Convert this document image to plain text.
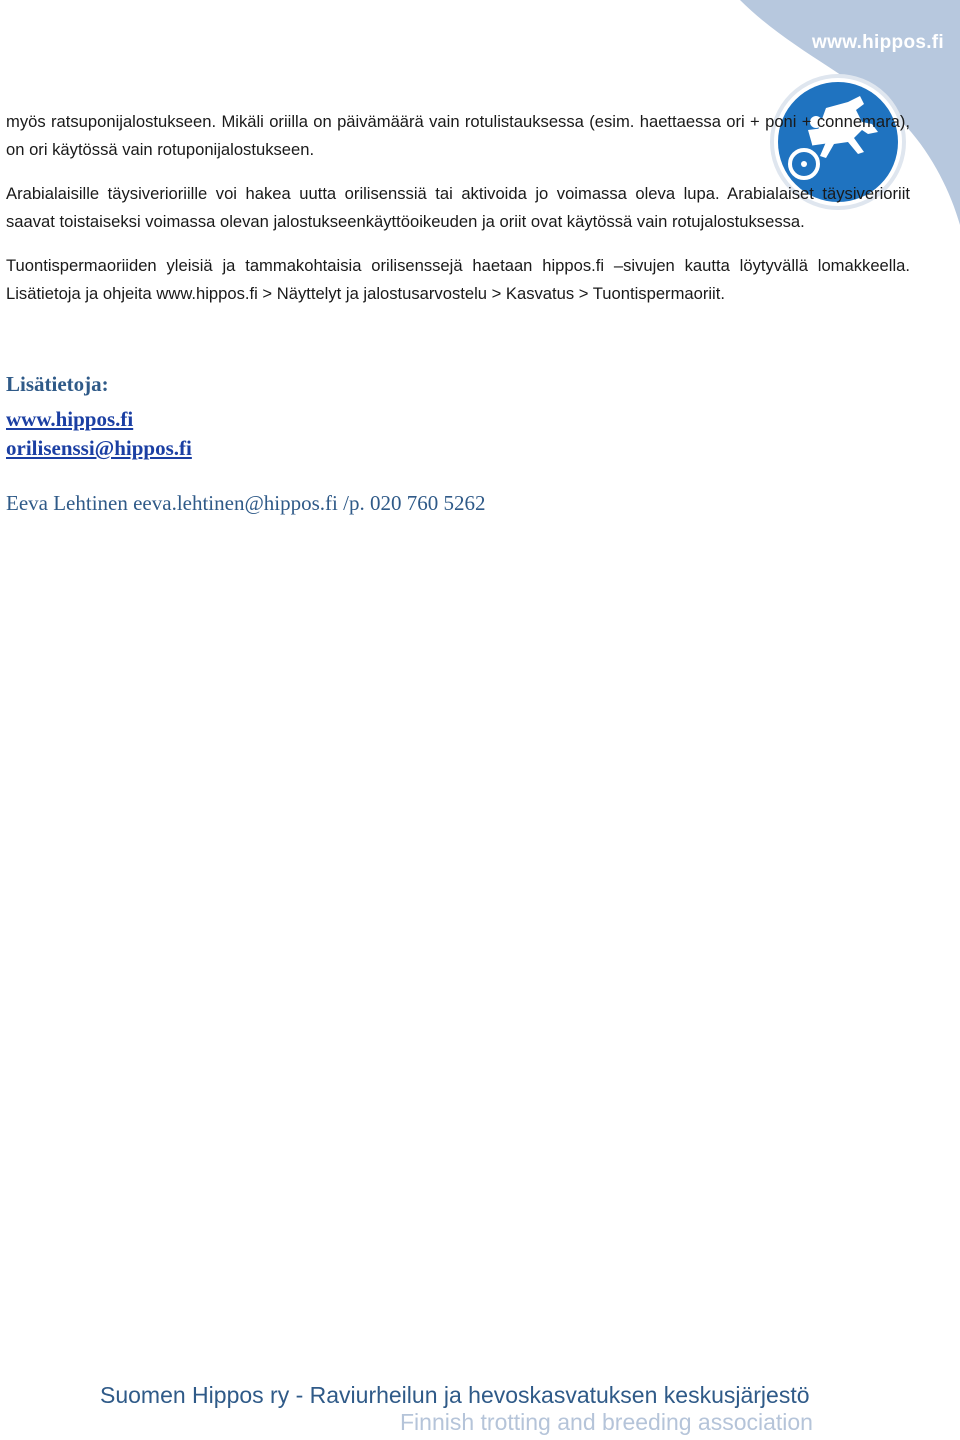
www.hippos.fi

myös ratsuponijalostukseen. Mikäli oriilla on päivämäärä vain rotulistauksessa (esim. haettaessa ori + poni + connemara), on ori käytössä vain rotuponijalostukseen.

Arabialaisille täysiverioriille voi hakea uutta orilisenssiä tai aktivoida jo voimassa oleva lupa. Arabialaiset täysiverioriit saavat toistaiseksi voimassa olevan jalostukseenkäyttöoikeuden ja oriit ovat käytössä vain rotujalostuksessa.

Tuontispermaoriiden yleisiä ja tammakohtaisia orilisenssejä haetaan hippos.fi –sivujen kautta löytyvällä lomakkeella. Lisätietoja ja ohjeita www.hippos.fi > Näyttelyt ja jalostusarvostelu > Kasvatus > Tuontispermaoriit.

Lisätietoja:
www.hippos.fi
orilisenssi@hippos.fi
Eeva Lehtinen eeva.lehtinen@hippos.fi /p. 020 760 5262
Suomen Hippos ry - Raviurheilun ja hevoskasvatuksen keskusjärjestö
Finnish trotting and breeding association
